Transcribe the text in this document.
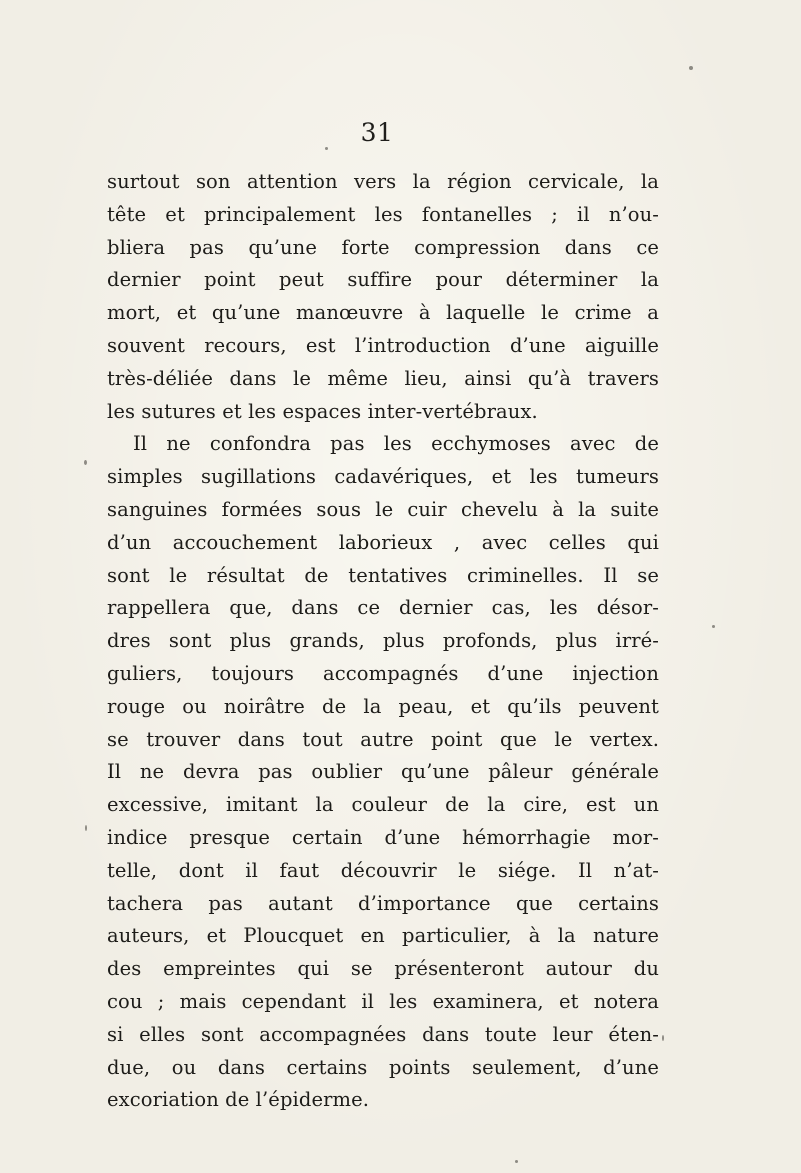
31
surtout son attention vers la région cervicale, la
tête et principalement les fontanelles ; il n’ou-
bliera pas qu’une forte compression dans ce
dernier point peut suffire pour déterminer la
mort, et qu’une manœuvre à laquelle le crime a
souvent recours, est l’introduction d’une aiguille
très-déliée dans le même lieu, ainsi qu’à travers
les sutures et les espaces inter-vertébraux.
Il ne confondra pas les ecchymoses avec de
simples sugillations cadavériques, et les tumeurs
sanguines formées sous le cuir chevelu à la suite
d’un accouchement laborieux , avec celles qui
sont le résultat de tentatives criminelles. Il se
rappellera que, dans ce dernier cas, les désor-
dres sont plus grands, plus profonds, plus irré-
guliers, toujours accompagnés d’une injection
rouge ou noirâtre de la peau, et qu’ils peuvent
se trouver dans tout autre point que le vertex.
Il ne devra pas oublier qu’une pâleur générale
excessive, imitant la couleur de la cire, est un
indice presque certain d’une hémorrhagie mor-
telle, dont il faut découvrir le siége. Il n’at-
tachera pas autant d’importance que certains
auteurs, et Ploucquet en particulier, à la nature
des empreintes qui se présenteront autour du
cou ; mais cependant il les examinera, et notera
si elles sont accompagnées dans toute leur éten-
due, ou dans certains points seulement, d’une
excoriation de l’épiderme.
